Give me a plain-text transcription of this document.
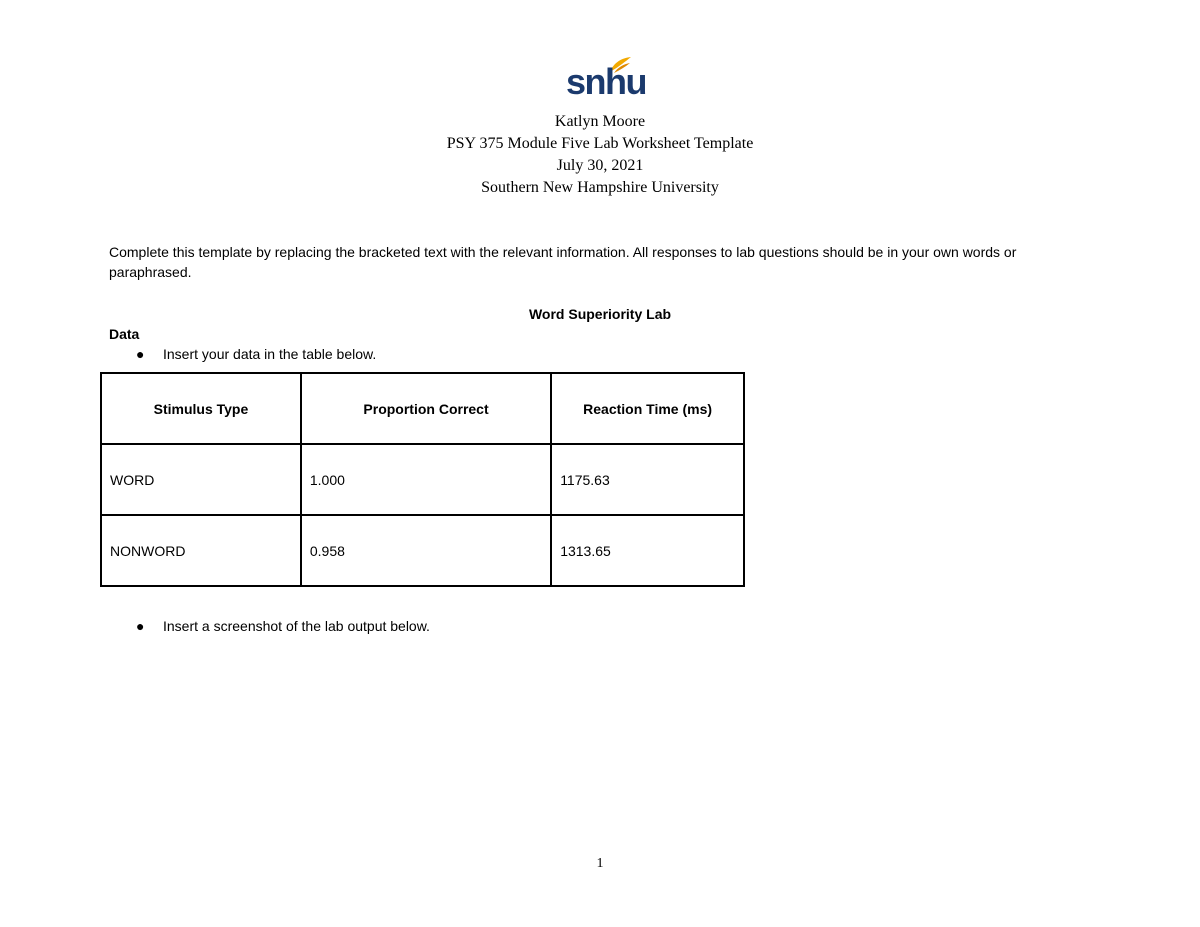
snhu
Katlyn Moore
PSY 375 Module Five Lab Worksheet Template
July 30, 2021
Southern New Hampshire University
Complete this template by replacing the bracketed text with the relevant information. All responses to lab questions should be in your own words or paraphrased.
Word Superiority Lab
Data
● Insert your data in the table below.
Stimulus Type	Proportion Correct	Reaction Time (ms)
WORD	1.000	1175.63
NONWORD	0.958	1313.65
● Insert a screenshot of the lab output below.
1
